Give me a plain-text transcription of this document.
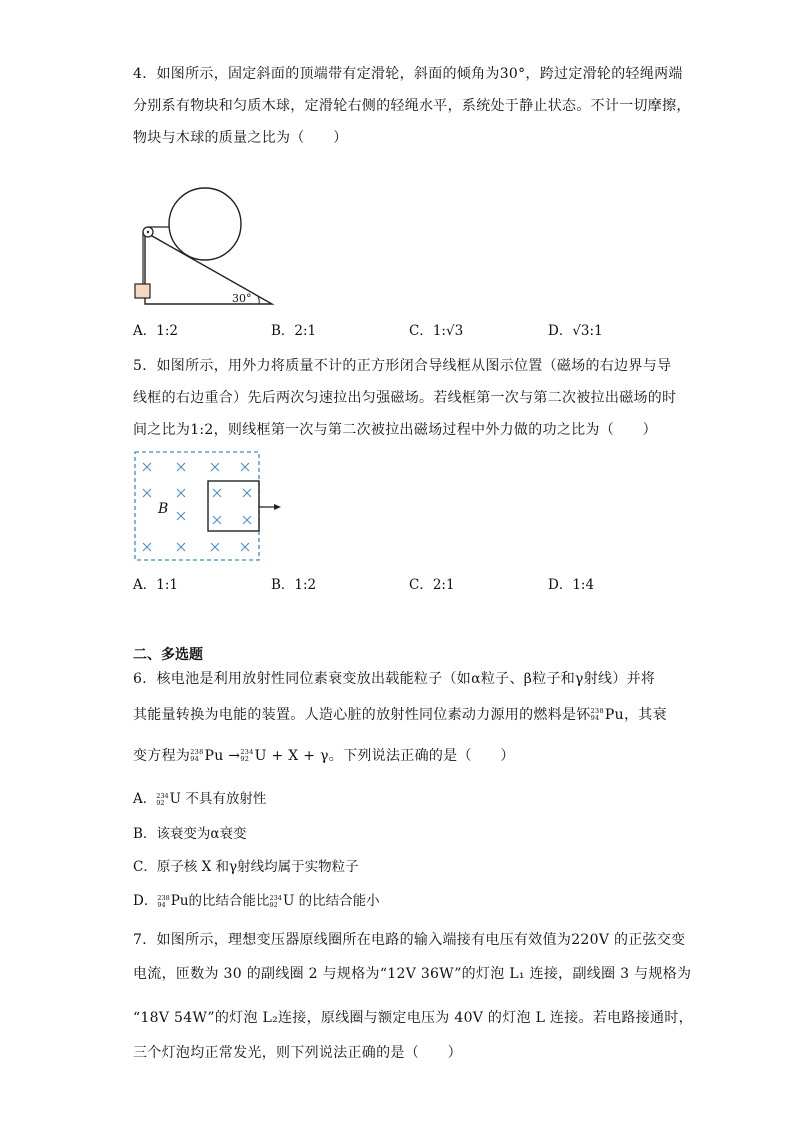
4．如图所示，固定斜面的顶端带有定滑轮，斜面的倾角为30°，跨过定滑轮的轻绳两端
分别系有物块和匀质木球，定滑轮右侧的轻绳水平，系统处于静止状态。不计一切摩擦，
物块与木球的质量之比为（　　）
30°
A．1:2	B．2:1	C．1:√3	D．√3:1
5．如图所示，用外力将质量不计的正方形闭合导线框从图示位置（磁场的右边界与导
线框的右边重合）先后两次匀速拉出匀强磁场。若线框第一次与第二次被拉出磁场的时
间之比为1:2，则线框第一次与第二次被拉出磁场过程中外力做的功之比为（　　）
B
A．1:1	B．1:2	C．2:1	D．1:4
二、多选题
6．核电池是利用放射性同位素衰变放出载能粒子（如α粒子、β粒子和γ射线）并将
其能量转换为电能的装置。人造心脏的放射性同位素动力源用的燃料是钚 238
94 Pu，其衰
变方程为 238
94 Pu → 234
92 U + X + γ。下列说法正确的是（　　）
A． 234
92 U 不具有放射性
B．该衰变为α衰变
C．原子核 X 和γ射线均属于实物粒子
D． 238
94 Pu的比结合能比 234
92 U 的比结合能小
7．如图所示，理想变压器原线圈所在电路的输入端接有电压有效值为220V 的正弦交变
电流，匝数为 30 的副线圈 2 与规格为“12V 36W”的灯泡 L₁ 连接，副线圈 3 与规格为
“18V 54W”的灯泡 L₂连接，原线圈与额定电压为 40V 的灯泡 L 连接。若电路接通时，
三个灯泡均正常发光，则下列说法正确的是（　　）
